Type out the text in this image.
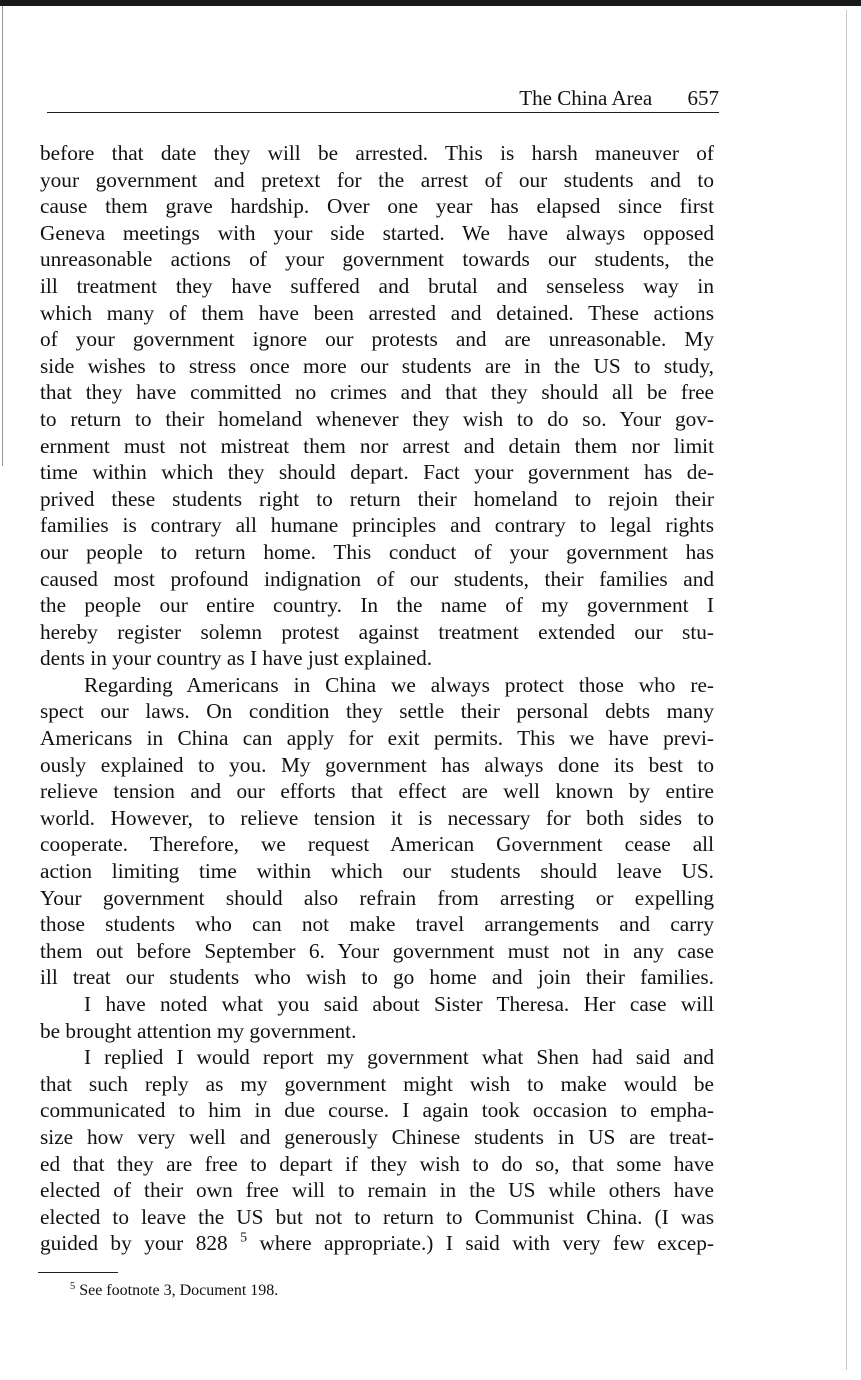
The China Area 657
before that date they will be arrested. This is harsh maneuver of
your government and pretext for the arrest of our students and to
cause them grave hardship. Over one year has elapsed since first
Geneva meetings with your side started. We have always opposed
unreasonable actions of your government towards our students, the
ill treatment they have suffered and brutal and senseless way in
which many of them have been arrested and detained. These actions
of your government ignore our protests and are unreasonable. My
side wishes to stress once more our students are in the US to study,
that they have committed no crimes and that they should all be free
to return to their homeland whenever they wish to do so. Your gov-
ernment must not mistreat them nor arrest and detain them nor limit
time within which they should depart. Fact your government has de-
prived these students right to return their homeland to rejoin their
families is contrary all humane principles and contrary to legal rights
our people to return home. This conduct of your government has
caused most profound indignation of our students, their families and
the people our entire country. In the name of my government I
hereby register solemn protest against treatment extended our stu-
dents in your country as I have just explained.
Regarding Americans in China we always protect those who re-
spect our laws. On condition they settle their personal debts many
Americans in China can apply for exit permits. This we have previ-
ously explained to you. My government has always done its best to
relieve tension and our efforts that effect are well known by entire
world. However, to relieve tension it is necessary for both sides to
cooperate. Therefore, we request American Government cease all
action limiting time within which our students should leave US.
Your government should also refrain from arresting or expelling
those students who can not make travel arrangements and carry
them out before September 6. Your government must not in any case
ill treat our students who wish to go home and join their families.
I have noted what you said about Sister Theresa. Her case will
be brought attention my government.
I replied I would report my government what Shen had said and
that such reply as my government might wish to make would be
communicated to him in due course. I again took occasion to empha-
size how very well and generously Chinese students in US are treat-
ed that they are free to depart if they wish to do so, that some have
elected of their own free will to remain in the US while others have
elected to leave the US but not to return to Communist China. (I was
guided by your 828 $^5$ where appropriate.) I said with very few excep-
$^5$ See footnote 3, Document 198.
